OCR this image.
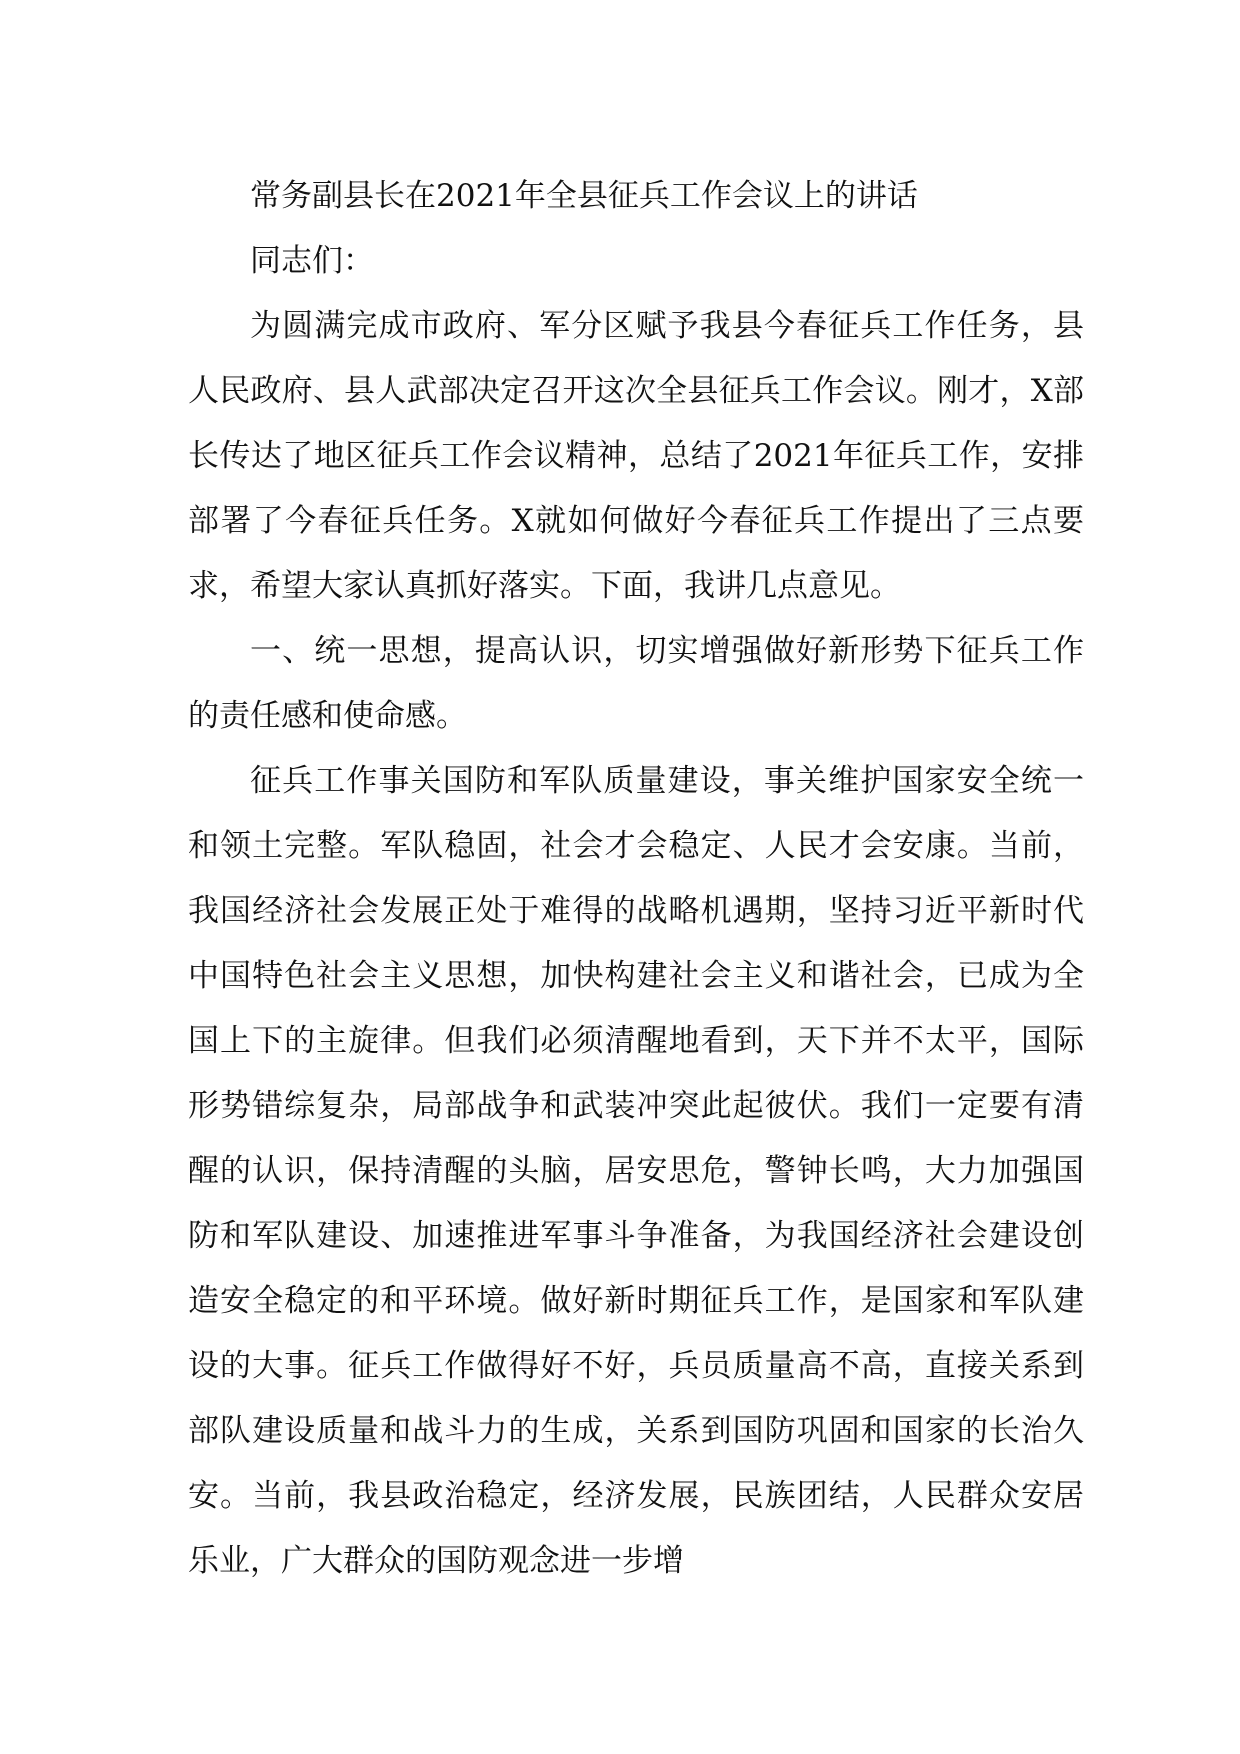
常务副县长在2021年全县征兵工作会议上的讲话

同志们：

为圆满完成市政府、军分区赋予我县今春征兵工作任务，县人民政府、县人武部决定召开这次全县征兵工作会议。刚才，X部长传达了地区征兵工作会议精神，总结了2021年征兵工作，安排部署了今春征兵任务。X就如何做好今春征兵工作提出了三点要求，希望大家认真抓好落实。下面，我讲几点意见。

一、统一思想，提高认识，切实增强做好新形势下征兵工作的责任感和使命感。

征兵工作事关国防和军队质量建设，事关维护国家安全统一和领土完整。军队稳固，社会才会稳定、人民才会安康。当前，我国经济社会发展正处于难得的战略机遇期，坚持习近平新时代中国特色社会主义思想，加快构建社会主义和谐社会，已成为全国上下的主旋律。但我们必须清醒地看到，天下并不太平，国际形势错综复杂，局部战争和武装冲突此起彼伏。我们一定要有清醒的认识，保持清醒的头脑，居安思危，警钟长鸣，大力加强国防和军队建设、加速推进军事斗争准备，为我国经济社会建设创造安全稳定的和平环境。做好新时期征兵工作，是国家和军队建设的大事。征兵工作做得好不好，兵员质量高不高，直接关系到部队建设质量和战斗力的生成，关系到国防巩固和国家的长治久安。当前，我县政治稳定，经济发展，民族团结，人民群众安居乐业，广大群众的国防观念进一步增
